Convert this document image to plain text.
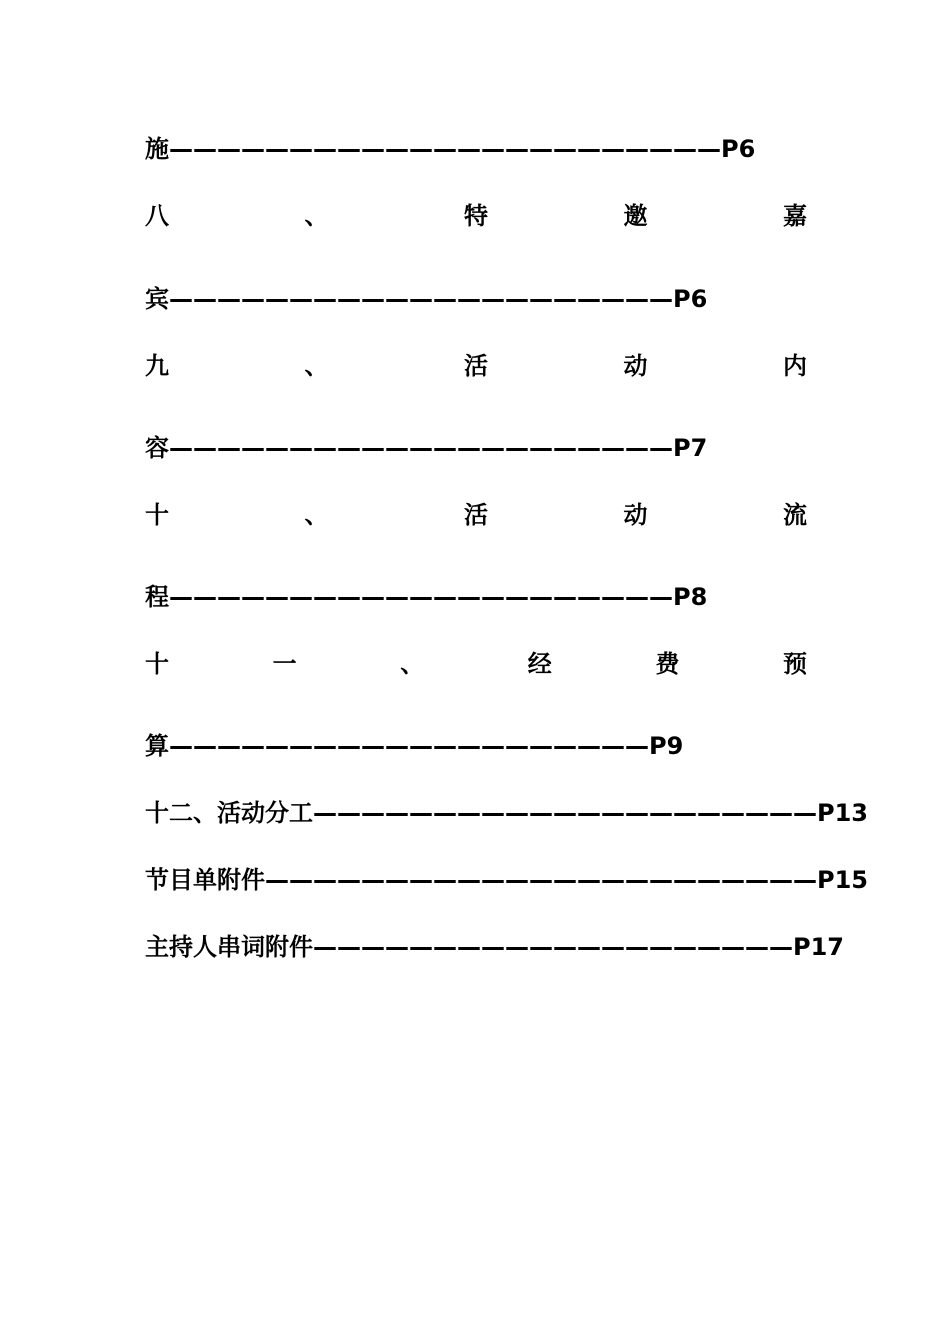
施———————————————————————P6
八	、	特	邀	嘉
宾—————————————————————P6
九	、	活	动	内
容—————————————————————P7
十	、	活	动	流
程—————————————————————P8
十	一	、	经	费	预
算————————————————————P9
十二、活动分工—————————————————————P13
节目单附件———————————————————————P15
主持人串词附件————————————————————P17
